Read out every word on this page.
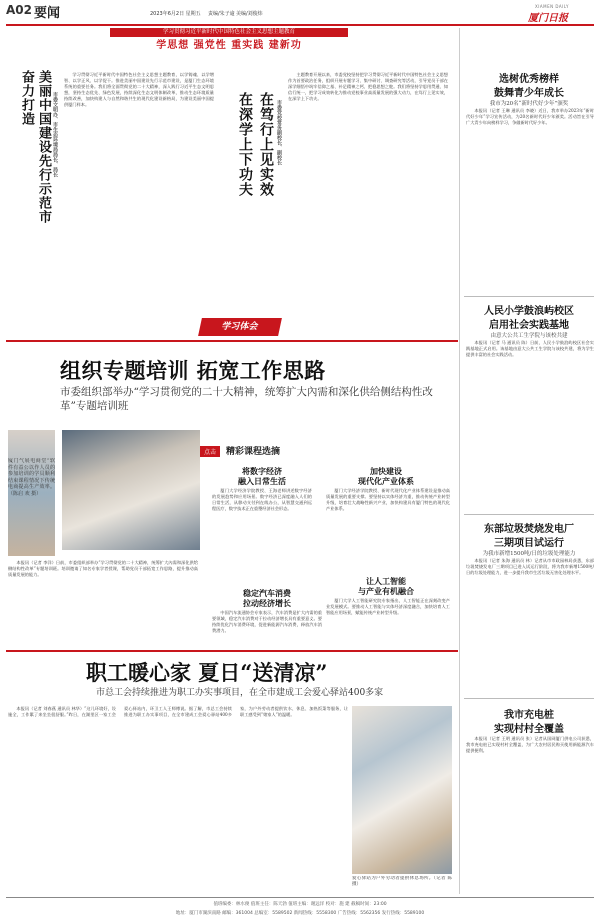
A02 要闻	2023年6月2日 星期五 责编/朱子逾 美编/刘俊炜
XIAMEN DAILY
厦门日报
学习贯彻习近平新时代中国特色社会主义思想主题教育
学思想 强党性 重实践 建新功
美丽中国建设先行示范市
奋力打造	市委文明办、市生态环境局局长、局长

学习贯彻习近平新时代中国特色社会主义思想主题教育，以学铸魂、以学增智、以学正风、以学促干。推进美丽中国建设先行示范市建设，是厦门生态环境系统的重要任务。我们将全面贯彻党的二十大精神，深入践行习近平生态文明思想，坚持生态优先、绿色发展，持续深化生态文明体制改革，推动生态环境质量持续改善，加快构建人与自然和谐共生的现代化建设新格局，为建设美丽中国提供厦门样本。	在笃行上见实效
在深学上下功夫	市委党校常务副校长、副校长

主题教育开展以来，市委党校坚持把学习贯彻习近平新时代中国特色社会主义思想作为首要政治任务，组织开展专题学习、集中研讨、调查研究等活动，引导党员干部在深学细悟中筑牢信仰之基、补足精神之钙、把稳思想之舵。我们将坚持学思用贯通、知信行统一，把学习成效转化为推动党校事业高质量发展的强大动力，在笃行上见实效，在深学上下功夫。

学习体会
组织专题培训 拓宽工作思路
市委组织部举办“学习贯彻党的二十大精神，统筹扩大內需和深化供给侧结构性改革”专题培训班
厦门气展电商堂“软件有益公以作人员的参加培训的学员顺利结束课程情况下传统电商提高生产效率。（陈启 欢 摄）
点击	精彩课程选摘
将数字经济
融入日常生活

厦门大学经济学院教授、王海老师讲述数字经济的发展趋势和应用场景。数字经济已深度融入人们的日常生活，从移动支付到在线办公，从智慧交通到远程医疗，数字技术正在重塑经济社会形态。

加快建设
现代化产业体系

厦门大学经济学院教授、新时代现代化产业体系建设是推动高质量发展的重要支撑。要坚持以实体经济为重，推动传统产业转型升级，培育壮大战略性新兴产业，加快构建具有厦门特色的现代化产业体系。

本报讯（记者 李洋）日前，市委组织部举办“学习贯彻党的二十大精神，统筹扩大內需和深化供给侧结构性改革”专题培训班。培训邀请了知名专家学者授课，帮助党员干部拓宽工作思路，提升推动高质量发展的能力。

稳定汽车消费
拉动经济增长

中国汽车流通协会专家表示，汽车消费是扩大内需的重要领域，稳定汽车消费对于拉动经济增长具有重要意义。要持续优化汽车消费环境，促进新能源汽车消费，释放汽车消费潜力。

让人工智能
与产业有机融合

厦门大学人工智能研究院专家指出，人工智能正在深刻改变产业发展模式。要推动人工智能与实体经济深度融合，加快培育人工智能应用场景，赋能传统产业转型升级。

职工暖心家 夏日“送清凉”
市总工会持续推进为职工办实事项目，在全市建成工会爱心驿站400多家

本报讯（记者 刘春燕 通讯员 林华）“这儿环境好，设施全，工作累了来坐坐很舒服。”昨日，在湖里区一家工会爱心驿站内，环卫工人王师傅说。据了解，市总工会持续推进为职工办实事项目，在全市建成工会爱心驿站400多家，为户外劳动者提供饮水、休息、加热饭菜等服务，让职工感受到“娘家人”的温暖。

爱心驿站为户外劳动者提供休息场所。（记者 陈 摄）
选树优秀榜样
鼓舞青少年成长
我市为20名“新时代好少年”颁奖

本报讯（记者 王琳 通讯员 李晓）近日，我市举办2023年“新时代好少年”学习宣传活动，为20名新时代好少年颁奖。活动旨在引导广大青少年向榜样学习，争做新时代好少年。

人民小学鼓浪屿校区
启用社会实践基地
由意大公共工生学院与该校共建

本报讯（记者 马 通讯员 陈）日前，人民小学鼓浪屿校区社会实践基地正式启用。该基地由意大公共工生学院与该校共建，将为学生提供丰富的社会实践活动。

东部垃圾焚烧发电厂
三期项目试运行
为我市新增1500吨/日的垃圾处理能力

本报讯（记者 朱海 通讯员 林）记者从市市政园林局获悉，东部垃圾焚烧发电厂三期项目已进入试运行阶段，将为我市新增1500吨/日的垃圾处理能力，进一步提升我市生活垃圾无害化处理水平。

我市充电桩
实现村村全覆盖

本报讯（记者 王明 通讯员 张）记者从国网厦门供电公司获悉，我市充电桩已实现村村全覆盖，为广大农村居民购买使用新能源汽车提供便利。

值班编委：林水俊 值班主任：陈天勃 值班主编：谢远洋 校对：施 建 截稿时间：23:00
地址：厦门市湖滨南路 邮编：361004 总编室：5589502 新闻热线：5558300 广告热线：5562356 发行热线：5589100
